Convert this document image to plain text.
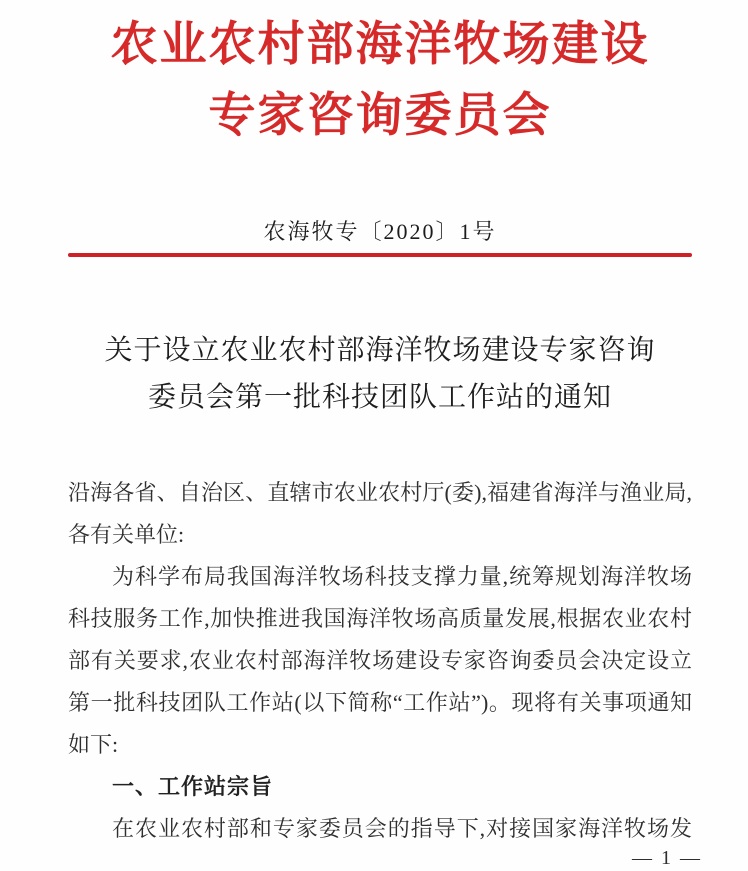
农业农村部海洋牧场建设
专家咨询委员会
农海牧专〔2020〕1号
关于设立农业农村部海洋牧场建设专家咨询
委员会第一批科技团队工作站的通知
沿海各省、自治区、直辖市农业农村厅(委),福建省海洋与渔业局,
各有关单位:
为科学布局我国海洋牧场科技支撑力量,统筹规划海洋牧场
科技服务工作,加快推进我国海洋牧场高质量发展,根据农业农村
部有关要求,农业农村部海洋牧场建设专家咨询委员会决定设立
第一批科技团队工作站(以下简称“工作站”)。现将有关事项通知
如下:
一、工作站宗旨
在农业农村部和专家委员会的指导下,对接国家海洋牧场发
— 1 —
